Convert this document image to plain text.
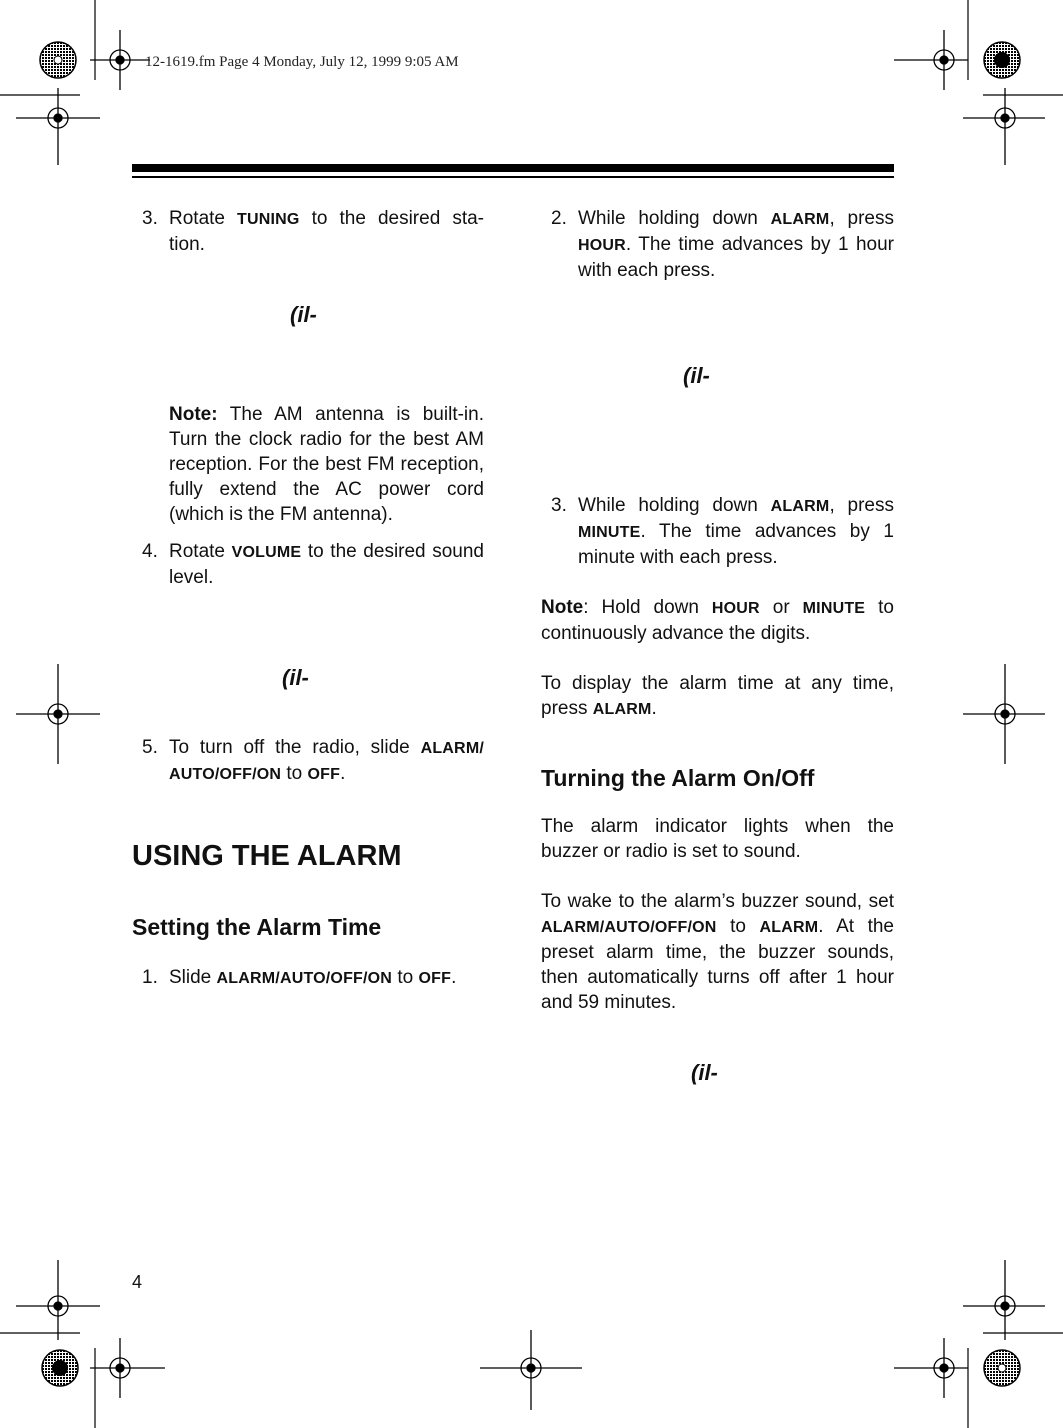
12-1619.fm Page 4 Monday, July 12, 1999 9:05 AM
3. Rotate TUNING to the desired sta-tion.
(il-
Note: The AM antenna is built-in. Turn the clock radio for the best AM reception. For the best FM reception, fully extend the AC power cord (which is the FM antenna).
4. Rotate VOLUME to the desired sound level.
(il-
5. To turn off the radio, slide ALARM/ AUTO/OFF/ON to OFF.
USING THE ALARM
Setting the Alarm Time
1. Slide ALARM/AUTO/OFF/ON to OFF.
2. While holding down ALARM, press HOUR. The time advances by 1 hour with each press.
(il-
3. While holding down ALARM, press MINUTE. The time advances by 1 minute with each press.
Note: Hold down HOUR or MINUTE to continuously advance the digits.
To display the alarm time at any time, press ALARM.
Turning the Alarm On/Off
The alarm indicator lights when the buzzer or radio is set to sound.
To wake to the alarm’s buzzer sound, set ALARM/AUTO/OFF/ON to ALARM. At the preset alarm time, the buzzer sounds, then automatically turns off after 1 hour and 59 minutes.
(il-
4
